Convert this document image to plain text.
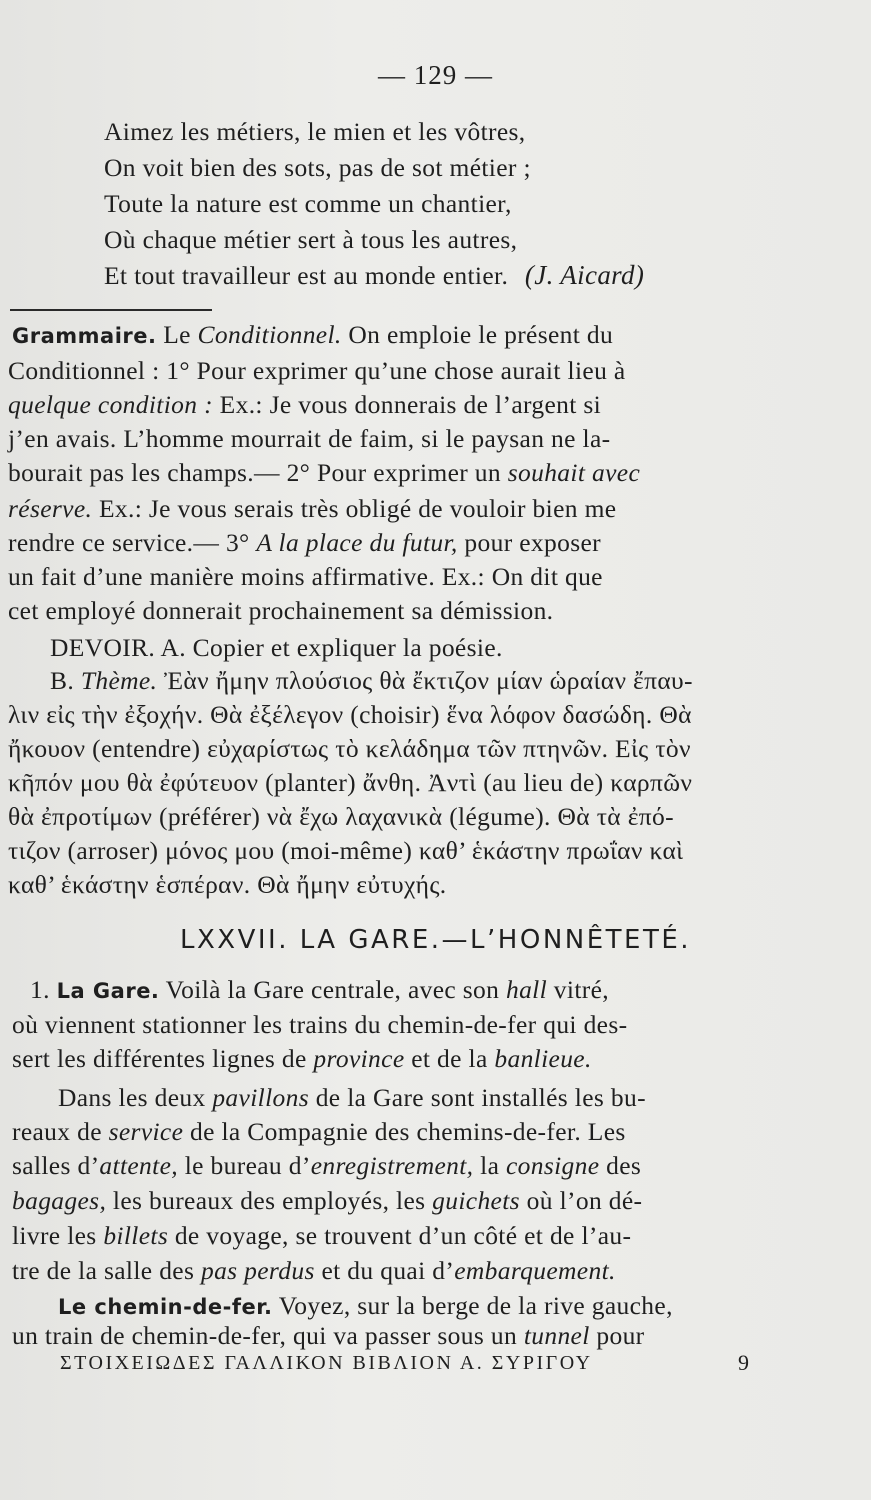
— 129 —
Aimez les métiers, le mien et les vôtres,
On voit bien des sots, pas de sot métier ;
Toute la nature est comme un chantier,
Où chaque métier sert à tous les autres,
Et tout travailleur est au monde entier. (J. Aicard)
Grammaire. Le Conditionnel. On emploie le présent du
Conditionnel : 1° Pour exprimer qu’une chose aurait lieu à
quelque condition : Ex.: Je vous donnerais de l’argent si
j’en avais. L’homme mourrait de faim, si le paysan ne la-
bourait pas les champs.— 2° Pour exprimer un souhait avec
réserve. Ex.: Je vous serais très obligé de vouloir bien me
rendre ce service.— 3° A la place du futur, pour exposer
un fait d’une manière moins affirmative. Ex.: On dit que
cet employé donnerait prochainement sa démission.
DEVOIR. A. Copier et expliquer la poésie.
B. Thème. Ἐὰν ἤμην πλούσιος θὰ ἔκτιζον μίαν ὡραίαν ἔπαυ-
λιν εἰς τὴν ἐξοχήν. Θὰ ἐξέλεγον (choisir) ἕνα λόφον δασώδη. Θὰ
ἤκουον (entendre) εὐχαρίστως τὸ κελάδημα τῶν πτηνῶν. Εἰς τὸν
κῆπόν μου θὰ ἐφύτευον (planter) ἄνθη. Ἀντὶ (au lieu de) καρπῶν
θὰ ἐπροτίμων (préférer) νὰ ἔχω λαχανικὰ (légume). Θὰ τὰ ἐπό-
τιζον (arroser) μόνος μου (moi-même) καθ’ ἑκάστην πρωΐαν καὶ
καθ’ ἑκάστην ἑσπέραν. Θὰ ἤμην εὐτυχής.
LXXVII. LA GARE.—L’HONNÊTETÉ.
1. La Gare. Voilà la Gare centrale, avec son hall vitré,
où viennent stationner les trains du chemin-de-fer qui des-
sert les différentes lignes de province et de la banlieue.
Dans les deux pavillons de la Gare sont installés les bu-
reaux de service de la Compagnie des chemins-de-fer. Les
salles d’attente, le bureau d’enregistrement, la consigne des
bagages, les bureaux des employés, les guichets où l’on dé-
livre les billets de voyage, se trouvent d’un côté et de l’au-
tre de la salle des pas perdus et du quai d’embarquement.
Le chemin-de-fer. Voyez, sur la berge de la rive gauche,
un train de chemin-de-fer, qui va passer sous un tunnel pour
ΣΤΟΙΧΕΙΩΔΕΣ ΓΑΛΛΙΚΟΝ ΒΙΒΛΙΟΝ Α. ΣΥΡΙΓΟΥ	9
